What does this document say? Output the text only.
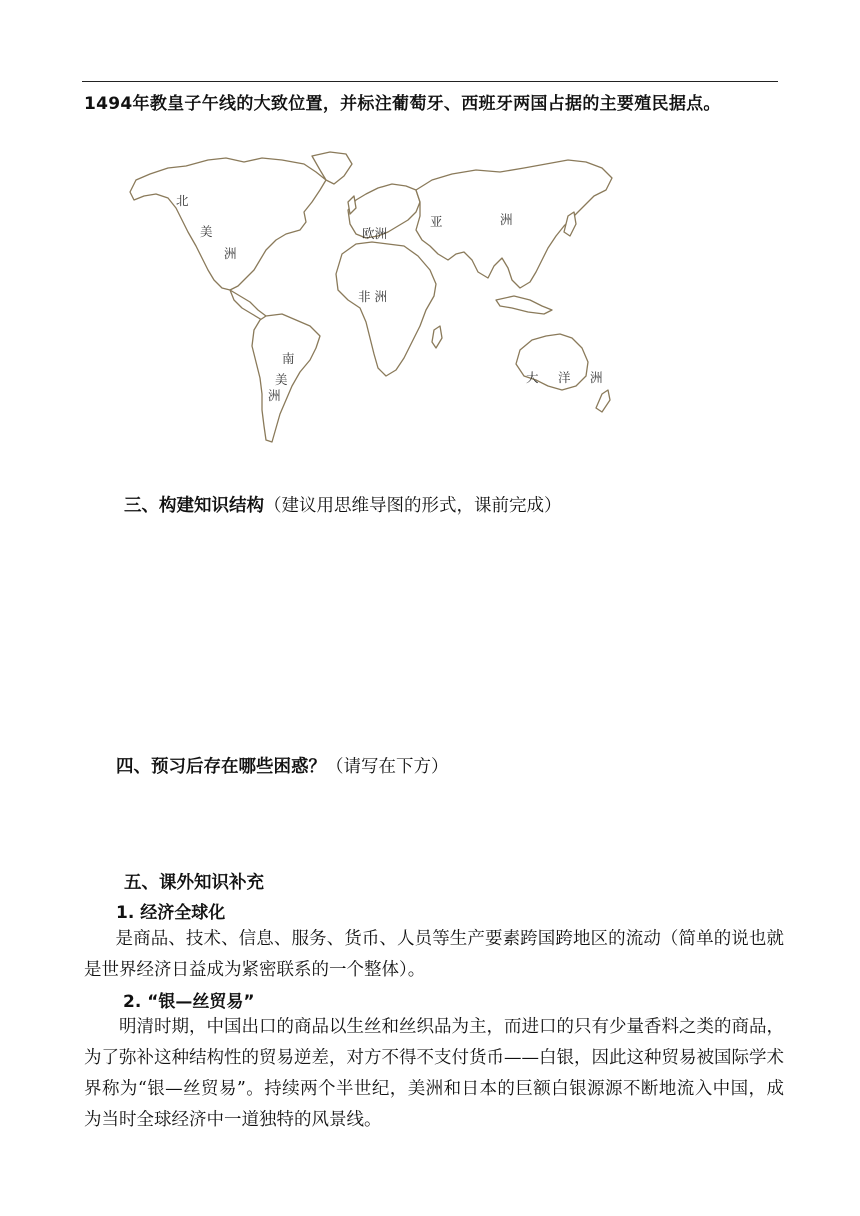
1494年教皇子午线的大致位置，并标注葡萄牙、西班牙两国占据的主要殖民据点。
北
美
洲
欧洲
亚	洲
非 洲
南
美
洲
大 洋 洲
三、构建知识结构（建议用思维导图的形式，课前完成）
四、预习后存在哪些困惑？（请写在下方）
五、课外知识补充
1. 经济全球化
是商品、技术、信息、服务、货币、人员等生产要素跨国跨地区的流动（简单的说也就是世界经济日益成为紧密联系的一个整体）。
2. “银—丝贸易”
明清时期，中国出口的商品以生丝和丝织品为主，而进口的只有少量香料之类的商品，为了弥补这种结构性的贸易逆差，对方不得不支付货币——白银，因此这种贸易被国际学术界称为“银—丝贸易”。持续两个半世纪，美洲和日本的巨额白银源源不断地流入中国，成为当时全球经济中一道独特的风景线。
